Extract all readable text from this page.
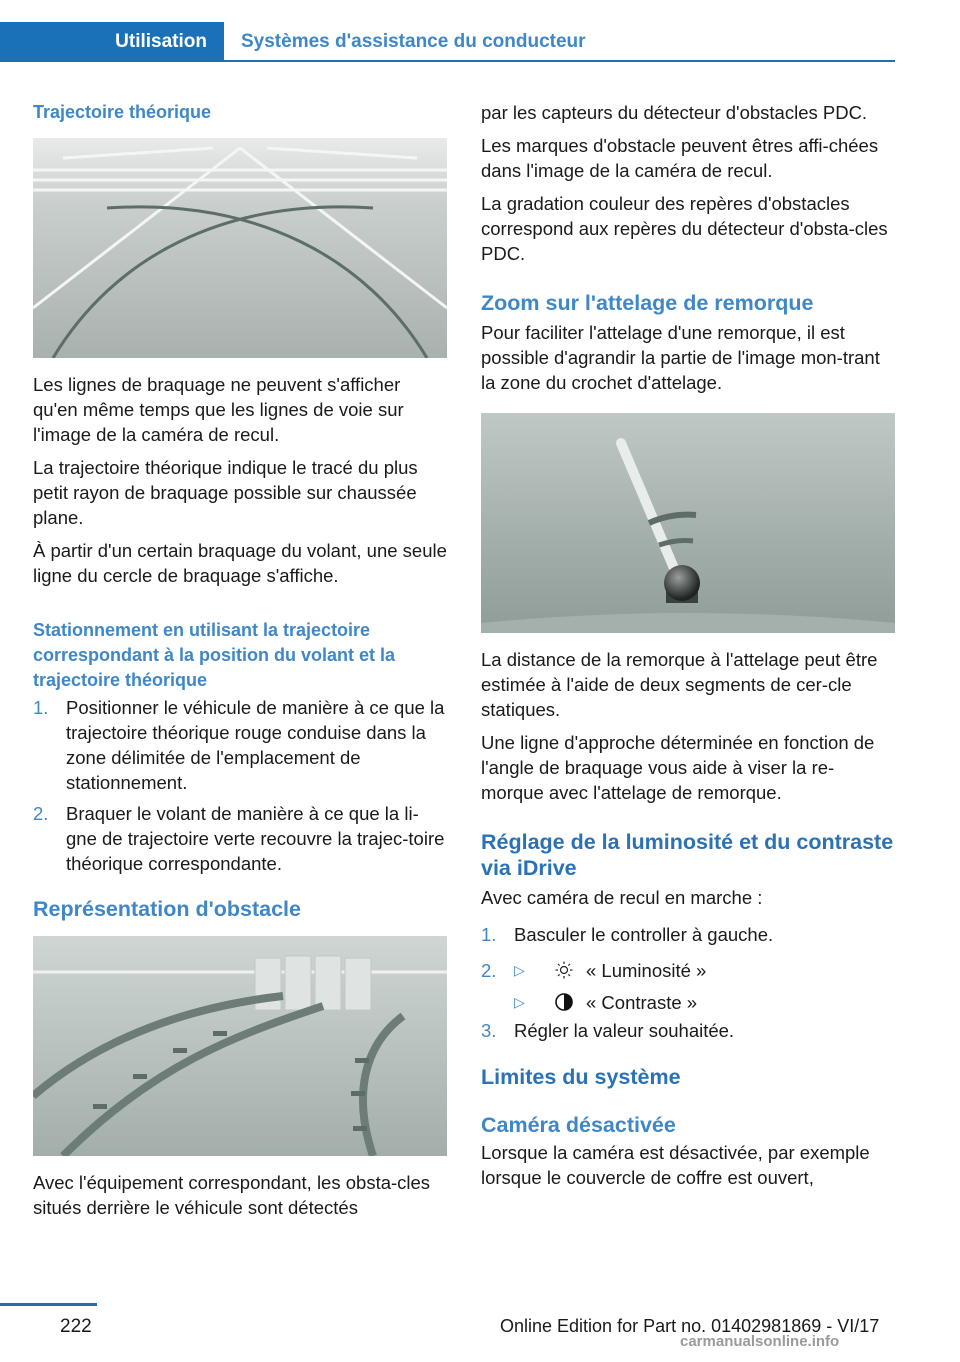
Utilisation	Systèmes d'assistance du conducteur
Trajectoire théorique

Les lignes de braquage ne peuvent s'afficher qu'en même temps que les lignes de voie sur l'image de la caméra de recul.

La trajectoire théorique indique le tracé du plus petit rayon de braquage possible sur chaussée plane.

À partir d'un certain braquage du volant, une seule ligne du cercle de braquage s'affiche.

Stationnement en utilisant la trajectoire correspondant à la position du volant et la trajectoire théorique
1. Positionner le véhicule de manière à ce que la trajectoire théorique rouge conduise dans la zone délimitée de l'emplacement de stationnement.
2. Braquer le volant de manière à ce que la li-gne de trajectoire verte recouvre la trajec-toire théorique correspondante.
Représentation d'obstacle

Avec l'équipement correspondant, les obsta-cles situés derrière le véhicule sont détectés

par les capteurs du détecteur d'obstacles PDC.

Les marques d'obstacle peuvent êtres affi-chées dans l'image de la caméra de recul.

La gradation couleur des repères d'obstacles correspond aux repères du détecteur d'obsta-cles PDC.

Zoom sur l'attelage de remorque

Pour faciliter l'attelage d'une remorque, il est possible d'agrandir la partie de l'image mon-trant la zone du crochet d'attelage.

La distance de la remorque à l'attelage peut être estimée à l'aide de deux segments de cer-cle statiques.

Une ligne d'approche déterminée en fonction de l'angle de braquage vous aide à viser la re-morque avec l'attelage de remorque.

Réglage de la luminosité et du contraste via iDrive

Avec caméra de recul en marche :

1. Basculer le controller à gauche.
2. ▷	« Luminosité »
▷	« Contraste »
3. Régler la valeur souhaitée.
Limites du système
Caméra désactivée

Lorsque la caméra est désactivée, par exemple lorsque le couvercle de coffre est ouvert,

222	Online Edition for Part no. 01402981869 - VI/17
carmanualsonline.info
